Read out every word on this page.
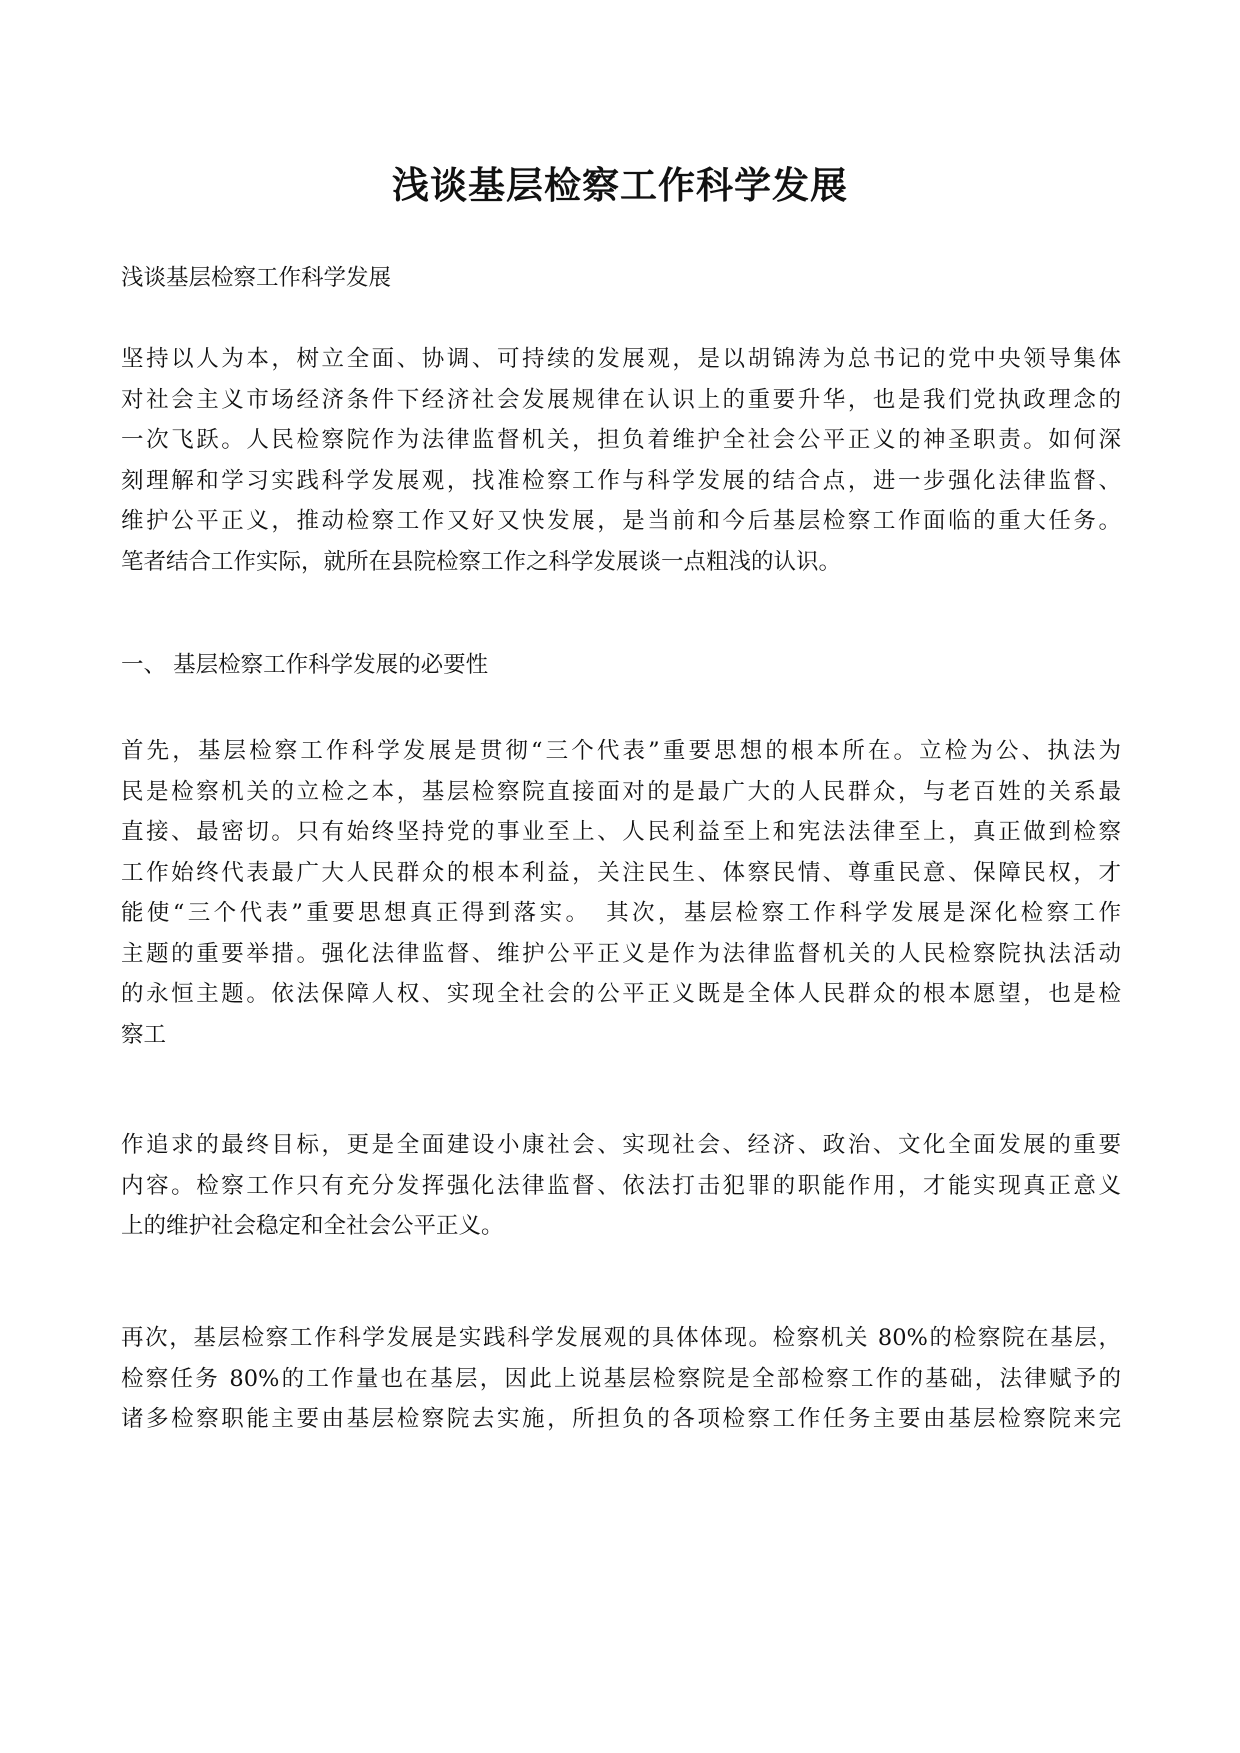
浅谈基层检察工作科学发展

浅谈基层检察工作科学发展

坚持以人为本，树立全面、协调、可持续的发展观，是以胡锦涛为总书记的党中央领导集体
对社会主义市场经济条件下经济社会发展规律在认识上的重要升华，也是我们党执政理念的
一次飞跃。人民检察院作为法律监督机关，担负着维护全社会公平正义的神圣职责。如何深
刻理解和学习实践科学发展观，找准检察工作与科学发展的结合点，进一步强化法律监督、
维护公平正义，推动检察工作又好又快发展，是当前和今后基层检察工作面临的重大任务。
笔者结合工作实际，就所在县院检察工作之科学发展谈一点粗浅的认识。

一、 基层检察工作科学发展的必要性

首先，基层检察工作科学发展是贯彻“三个代表”重要思想的根本所在。立检为公、执法为
民是检察机关的立检之本，基层检察院直接面对的是最广大的人民群众，与老百姓的关系最
直接、最密切。只有始终坚持党的事业至上、人民利益至上和宪法法律至上，真正做到检察
工作始终代表最广大人民群众的根本利益，关注民生、体察民情、尊重民意、保障民权，才
能使“三个代表”重要思想真正得到落实。　其次，基层检察工作科学发展是深化检察工作
主题的重要举措。强化法律监督、维护公平正义是作为法律监督机关的人民检察院执法活动
的永恒主题。依法保障人权、实现全社会的公平正义既是全体人民群众的根本愿望，也是检
察工

作追求的最终目标，更是全面建设小康社会、实现社会、经济、政治、文化全面发展的重要
内容。检察工作只有充分发挥强化法律监督、依法打击犯罪的职能作用，才能实现真正意义
上的维护社会稳定和全社会公平正义。

再次，基层检察工作科学发展是实践科学发展观的具体体现。检察机关 80%的检察院在基层，
检察任务 80%的工作量也在基层，因此上说基层检察院是全部检察工作的基础，法律赋予的
诸多检察职能主要由基层检察院去实施，所担负的各项检察工作任务主要由基层检察院来完
